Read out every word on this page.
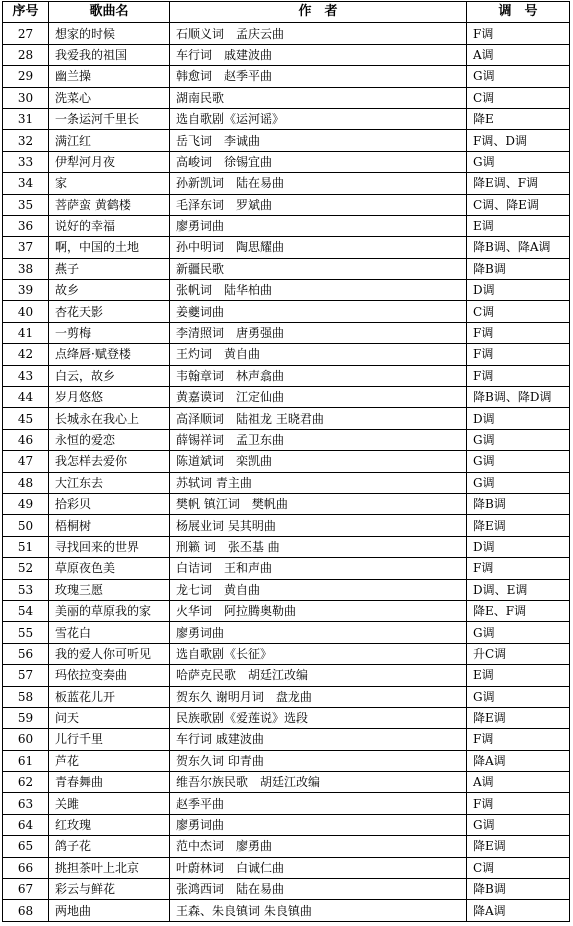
序号	歌曲名	作　者	调　号
27	想家的时候	石顺义词　孟庆云曲	F调
28	我爱我的祖国	车行词　戚建波曲	A调
29	幽兰操	韩愈词　赵季平曲	G调
30	洗菜心	湖南民歌	C调
31	一条运河千里长	选自歌剧《运河谣》	降E
32	满江红	岳飞词　李诚曲	F调、D调
33	伊犁河月夜	高峻词　徐锡宜曲	G调
34	家	孙新凯词　陆在易曲	降E调、F调
35	菩萨蛮 黄鹤楼	毛泽东词　罗斌曲	C调、降E调
36	说好的幸福	廖勇词曲	E调
37	啊，中国的土地	孙中明词　陶思耀曲	降B调、降A调
38	燕子	新疆民歌	降B调
39	故乡	张帆词　陆华柏曲	D调
40	杏花天影	姜夔词曲	C调
41	一剪梅	李清照词　唐勇强曲	F调
42	点绛唇·赋登楼	王灼词　黄自曲	F调
43	白云，故乡	韦翰章词　林声翕曲	F调
44	岁月悠悠	黄嘉谟词　江定仙曲	降B调、降D调
45	长城永在我心上	高泽顺词　陆祖龙 王晓君曲	D调
46	永恒的爱恋	薛锡祥词　孟卫东曲	G调
47	我怎样去爱你	陈道斌词　栾凯曲	G调
48	大江东去	苏轼词 青主曲	G调
49	拾彩贝	樊帆 镇江词　樊帆曲	降B调
50	梧桐树	杨展业词 吴其明曲	降E调
51	寻找回来的世界	刑籁 词　张丕基 曲	D调
52	草原夜色美	白诘词　王和声曲	F调
53	玫瑰三愿	龙七词　黄自曲	D调、E调
54	美丽的草原我的家	火华词　阿拉腾奥勒曲	降E、F调
55	雪花白	廖勇词曲	G调
56	我的爱人你可听见	选自歌剧《长征》	升C调
57	玛依拉变奏曲	哈萨克民歌　胡廷江改编	E调
58	板蓝花儿开	贺东久 谢明月词　盘龙曲	G调
59	问天	民族歌剧《爱莲说》选段	降E调
60	儿行千里	车行词 戚建波曲	F调
61	芦花	贺东久词 印青曲	降A调
62	青春舞曲	维吾尔族民歌　胡廷江改编	A调
63	关雎	赵季平曲	F调
64	红玫瑰	廖勇词曲	G调
65	鸽子花	范中杰词　廖勇曲	降E调
66	挑担茶叶上北京	叶蔚林词　白诚仁曲	C调
67	彩云与鲜花	张鸿西词　陆在易曲	降B调
68	两地曲	王森、朱良镇词 朱良镇曲	降A调
